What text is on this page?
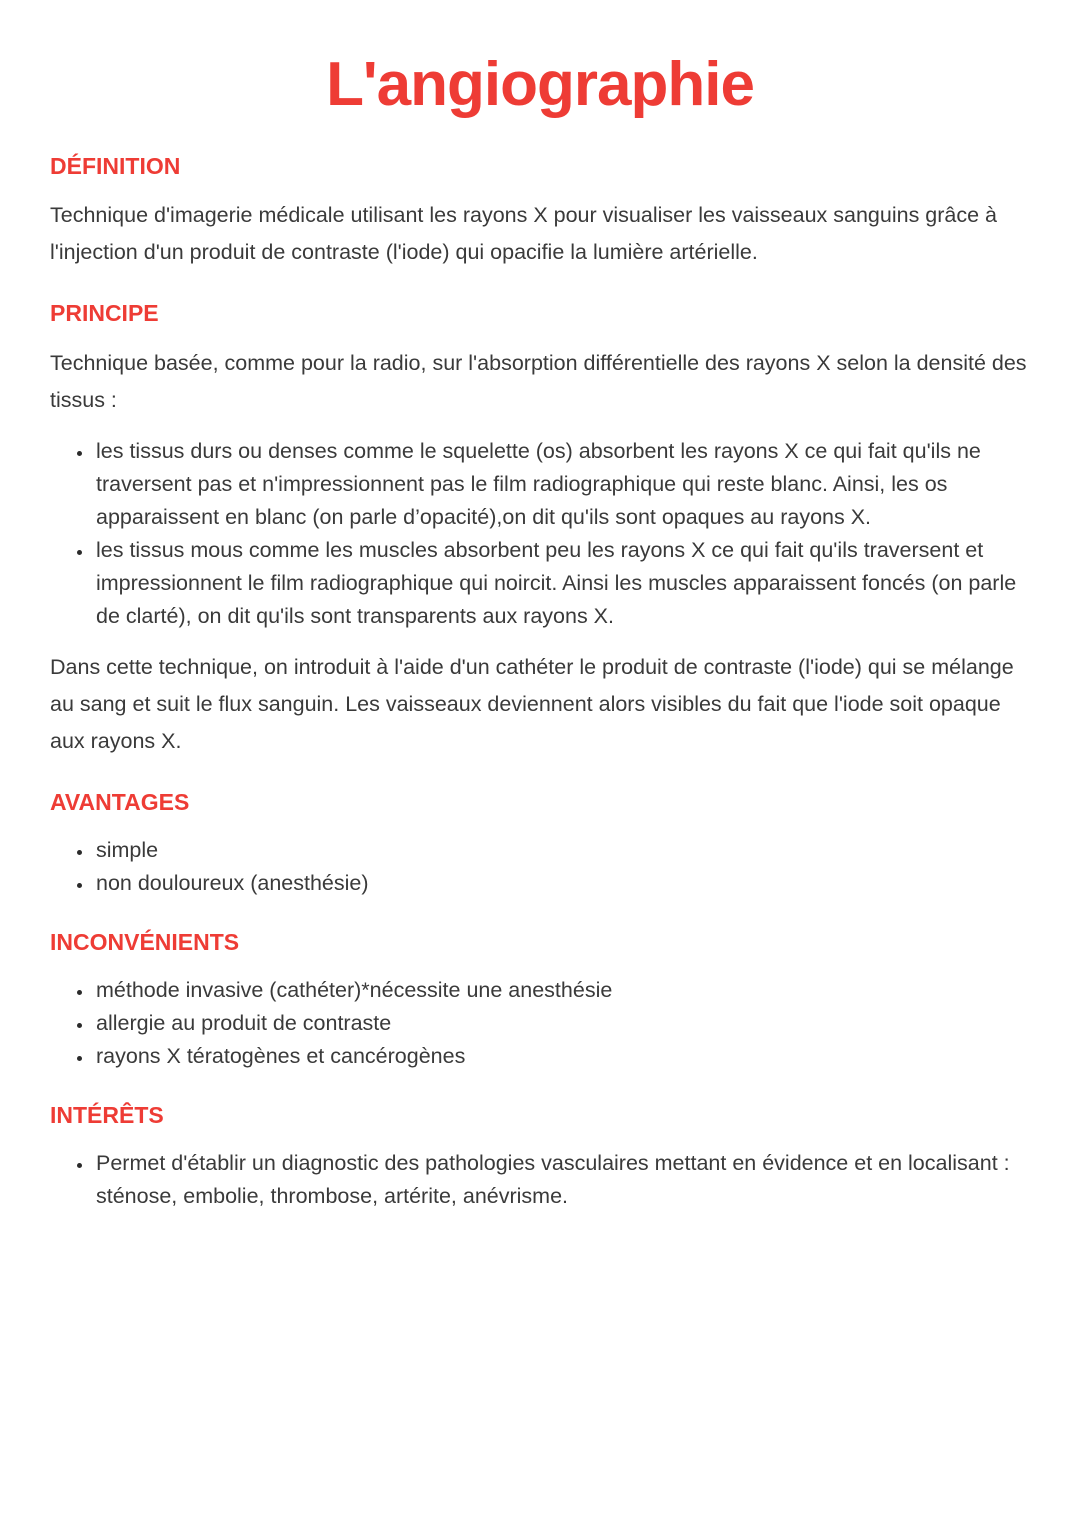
L'angiographie
DÉFINITION

Technique d'imagerie médicale utilisant les rayons X pour visualiser les vaisseaux sanguins grâce à l'injection d'un produit de contraste (l'iode) qui opacifie la lumière artérielle.

PRINCIPE

Technique basée, comme pour la radio, sur l'absorption différentielle des rayons X selon la densité des tissus :

• les tissus durs ou denses comme le squelette (os) absorbent les rayons X ce qui fait qu'ils ne traversent pas et n'impressionnent pas le film radiographique qui reste blanc. Ainsi, les os apparaissent en blanc (on parle d’opacité),on dit qu'ils sont opaques au rayons X.
• les tissus mous comme les muscles absorbent peu les rayons X ce qui fait qu'ils traversent et impressionnent le film radiographique qui noircit. Ainsi les muscles apparaissent foncés (on parle de clarté), on dit qu'ils sont transparents aux rayons X.

Dans cette technique, on introduit à l'aide d'un cathéter le produit de contraste (l'iode) qui se mélange au sang et suit le flux sanguin. Les vaisseaux deviennent alors visibles du fait que l'iode soit opaque aux rayons X.

AVANTAGES
• simple
• non douloureux (anesthésie)
INCONVÉNIENTS
• méthode invasive (cathéter)*nécessite une anesthésie
• allergie au produit de contraste
• rayons X tératogènes et cancérogènes
INTÉRÊTS
• Permet d'établir un diagnostic des pathologies vasculaires mettant en évidence et en localisant : sténose, embolie, thrombose, artérite, anévrisme.
